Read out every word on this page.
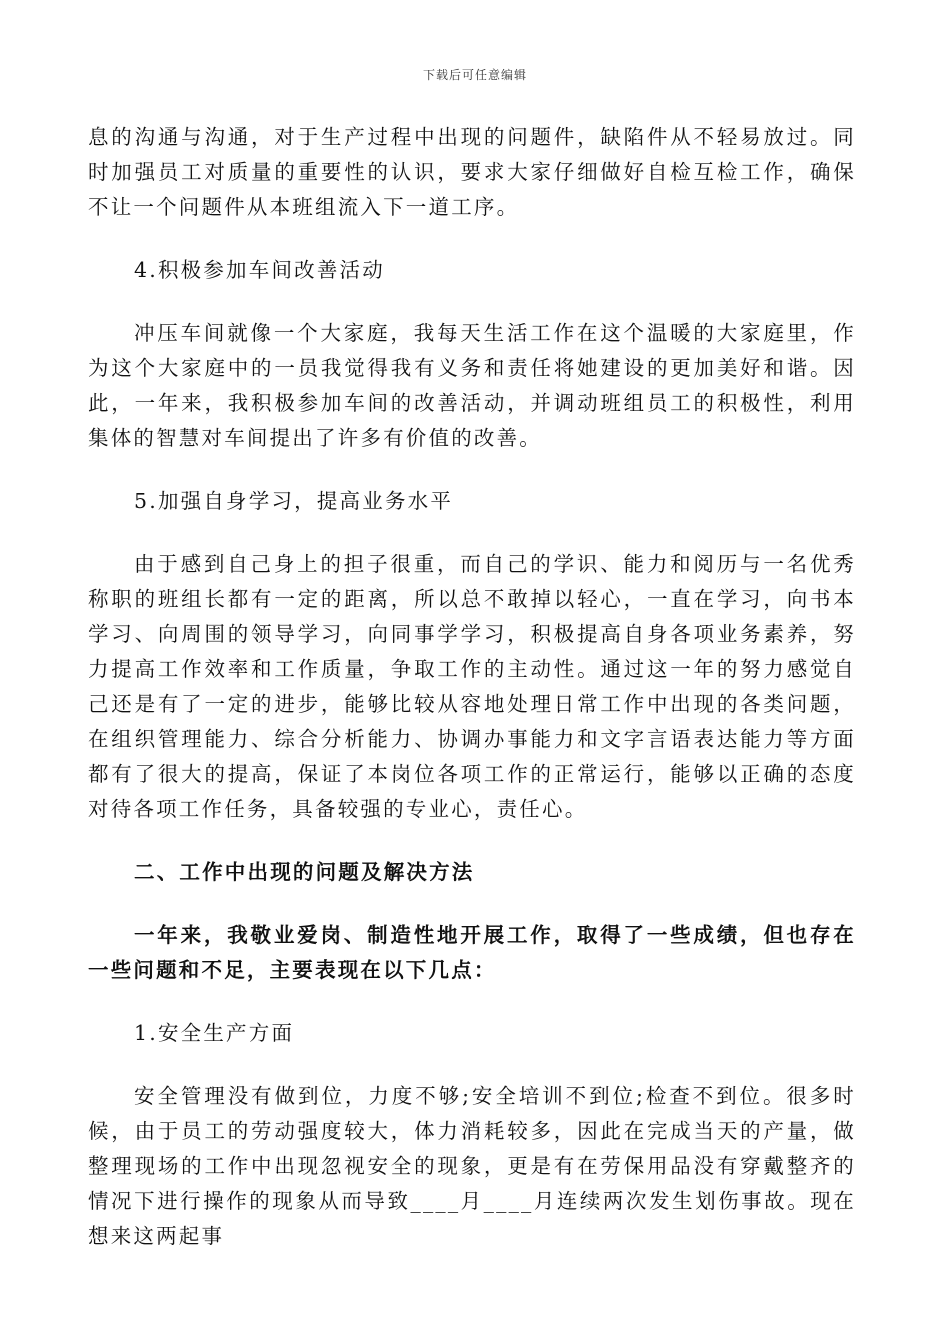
下载后可任意编辑

息的沟通与沟通，对于生产过程中出现的问题件，缺陷件从不轻易放过。同时加强员工对质量的重要性的认识，要求大家仔细做好自检互检工作，确保不让一个问题件从本班组流入下一道工序。

4.积极参加车间改善活动

冲压车间就像一个大家庭，我每天生活工作在这个温暖的大家庭里，作为这个大家庭中的一员我觉得我有义务和责任将她建设的更加美好和谐。因此，一年来，我积极参加车间的改善活动，并调动班组员工的积极性，利用集体的智慧对车间提出了许多有价值的改善。

5.加强自身学习，提高业务水平

由于感到自己身上的担子很重，而自己的学识、能力和阅历与一名优秀称职的班组长都有一定的距离，所以总不敢掉以轻心，一直在学习，向书本学习、向周围的领导学习，向同事学学习，积极提高自身各项业务素养，努力提高工作效率和工作质量，争取工作的主动性。通过这一年的努力感觉自己还是有了一定的进步，能够比较从容地处理日常工作中出现的各类问题，在组织管理能力、综合分析能力、协调办事能力和文字言语表达能力等方面都有了很大的提高，保证了本岗位各项工作的正常运行，能够以正确的态度对待各项工作任务，具备较强的专业心，责任心。

二、工作中出现的问题及解决方法

一年来，我敬业爱岗、制造性地开展工作，取得了一些成绩，但也存在一些问题和不足，主要表现在以下几点：

1.安全生产方面

安全管理没有做到位，力度不够;安全培训不到位;检查不到位。很多时候，由于员工的劳动强度较大，体力消耗较多，因此在完成当天的产量，做整理现场的工作中出现忽视安全的现象，更是有在劳保用品没有穿戴整齐的情况下进行操作的现象从而导致____月____月连续两次发生划伤事故。现在想来这两起事
